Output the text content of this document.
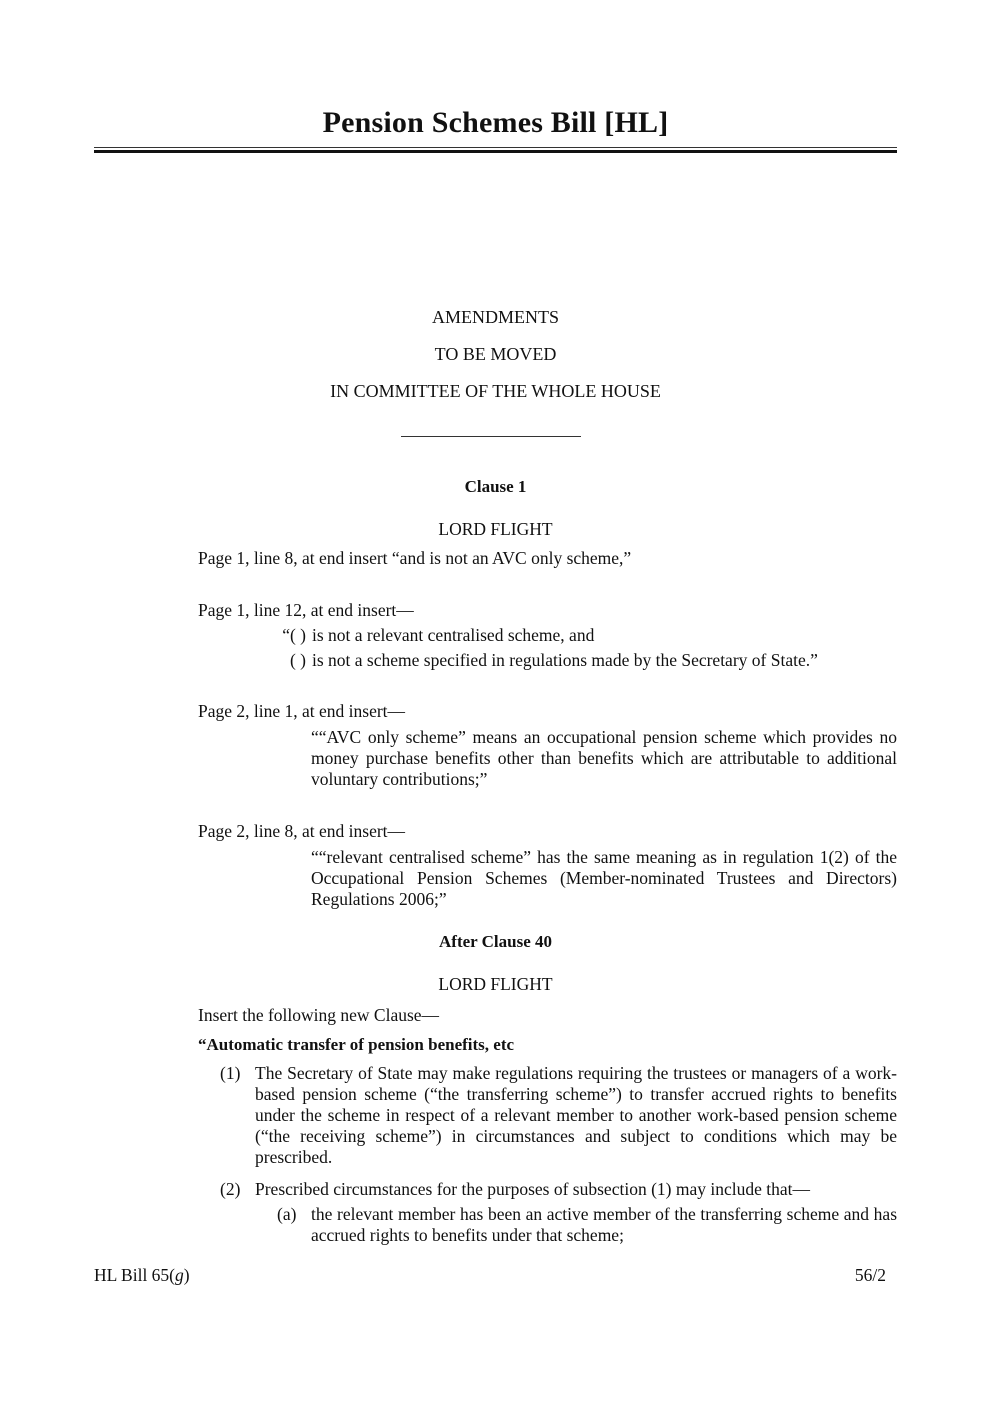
Pension Schemes Bill [HL]
AMENDMENTS
TO BE MOVED
IN COMMITTEE OF THE WHOLE HOUSE
Clause 1
LORD FLIGHT
Page 1, line 8, at end insert “and is not an AVC only scheme,”
Page 1, line 12, at end insert—
“( ) is not a relevant centralised scheme, and
( ) is not a scheme specified in regulations made by the Secretary of State.”
Page 2, line 1, at end insert—
““AVC only scheme” means an occupational pension scheme which provides no money purchase benefits other than benefits which are attributable to additional voluntary contributions;”
Page 2, line 8, at end insert—
““relevant centralised scheme” has the same meaning as in regulation 1(2) of the Occupational Pension Schemes (Member-nominated Trustees and Directors) Regulations 2006;”
After Clause 40
LORD FLIGHT
Insert the following new Clause—
“Automatic transfer of pension benefits, etc
(1) The Secretary of State may make regulations requiring the trustees or managers of a work-based pension scheme (“the transferring scheme”) to transfer accrued rights to benefits under the scheme in respect of a relevant member to another work-based pension scheme (“the receiving scheme”) in circumstances and subject to conditions which may be prescribed.
(2) Prescribed circumstances for the purposes of subsection (1) may include that—
(a) the relevant member has been an active member of the transferring scheme and has accrued rights to benefits under that scheme;
HL Bill 65(g)	56/2
